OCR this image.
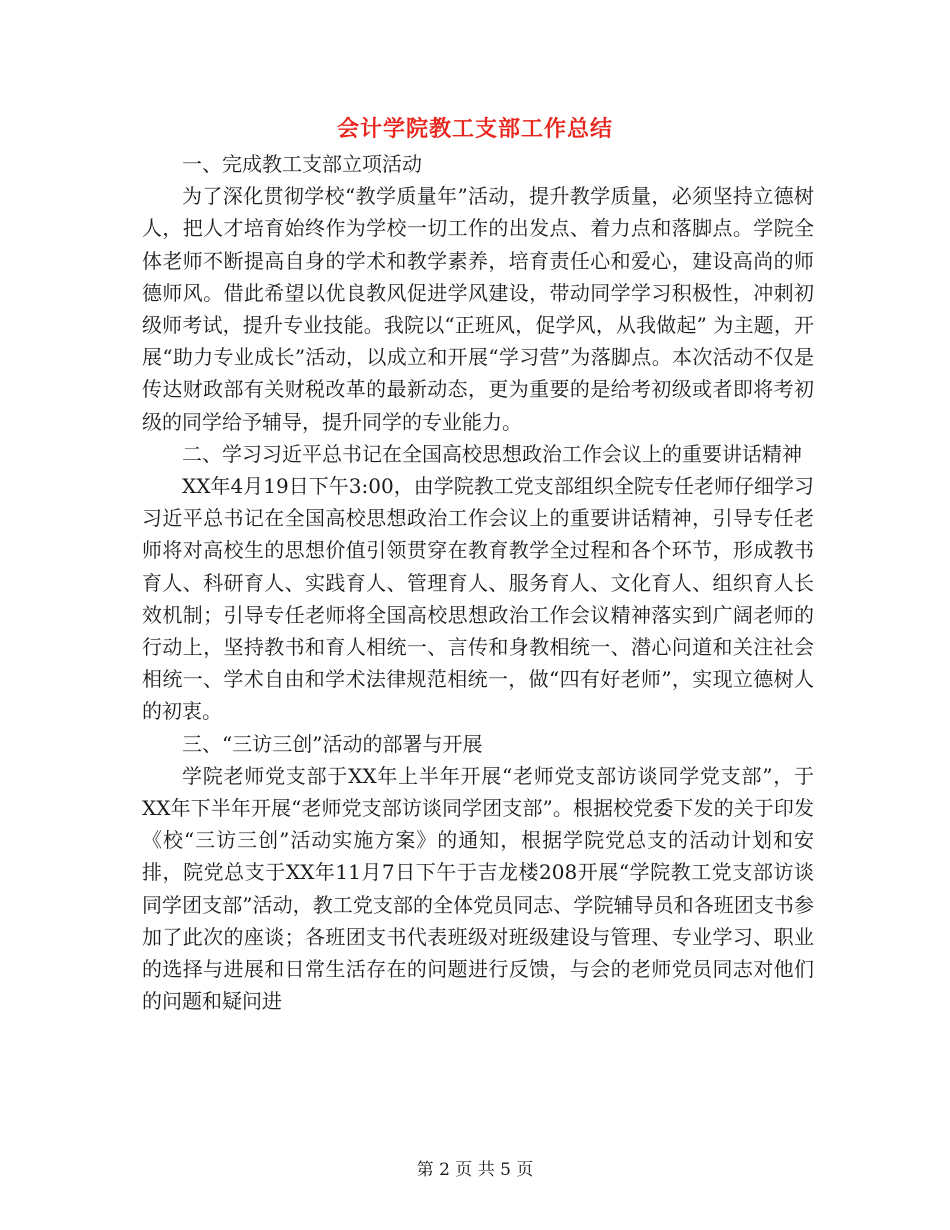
会计学院教工支部工作总结

一、完成教工支部立项活动

为了深化贯彻学校“教学质量年”活动，提升教学质量，必须坚持立德树人，把人才培育始终作为学校一切工作的出发点、着力点和落脚点。学院全体老师不断提高自身的学术和教学素养，培育责任心和爱心，建设高尚的师德师风。借此希望以优良教风促进学风建设，带动同学学习积极性，冲刺初级师考试，提升专业技能。我院以“正班风，促学风，从我做起” 为主题，开展“助力专业成长”活动，以成立和开展“学习营”为落脚点。本次活动不仅是传达财政部有关财税改革的最新动态，更为重要的是给考初级或者即将考初级的同学给予辅导，提升同学的专业能力。

二、学习习近平总书记在全国高校思想政治工作会议上的重要讲话精神

XX年4月19日下午3:00，由学院教工党支部组织全院专任老师仔细学习习近平总书记在全国高校思想政治工作会议上的重要讲话精神，引导专任老师将对高校生的思想价值引领贯穿在教育教学全过程和各个环节，形成教书育人、科研育人、实践育人、管理育人、服务育人、文化育人、组织育人长效机制；引导专任老师将全国高校思想政治工作会议精神落实到广阔老师的行动上，坚持教书和育人相统一、言传和身教相统一、潜心问道和关注社会相统一、学术自由和学术法律规范相统一，做“四有好老师”，实现立德树人的初衷。

三、“三访三创”活动的部署与开展

学院老师党支部于XX年上半年开展“老师党支部访谈同学党支部”，于XX年下半年开展“老师党支部访谈同学团支部”。根据校党委下发的关于印发《校“三访三创”活动实施方案》的通知，根据学院党总支的活动计划和安排，院党总支于XX年11月7日下午于吉龙楼208开展“学院教工党支部访谈同学团支部”活动，教工党支部的全体党员同志、学院辅导员和各班团支书参加了此次的座谈；各班团支书代表班级对班级建设与管理、专业学习、职业的选择与进展和日常生活存在的问题进行反馈，与会的老师党员同志对他们的问题和疑问进

第 2 页 共 5 页
